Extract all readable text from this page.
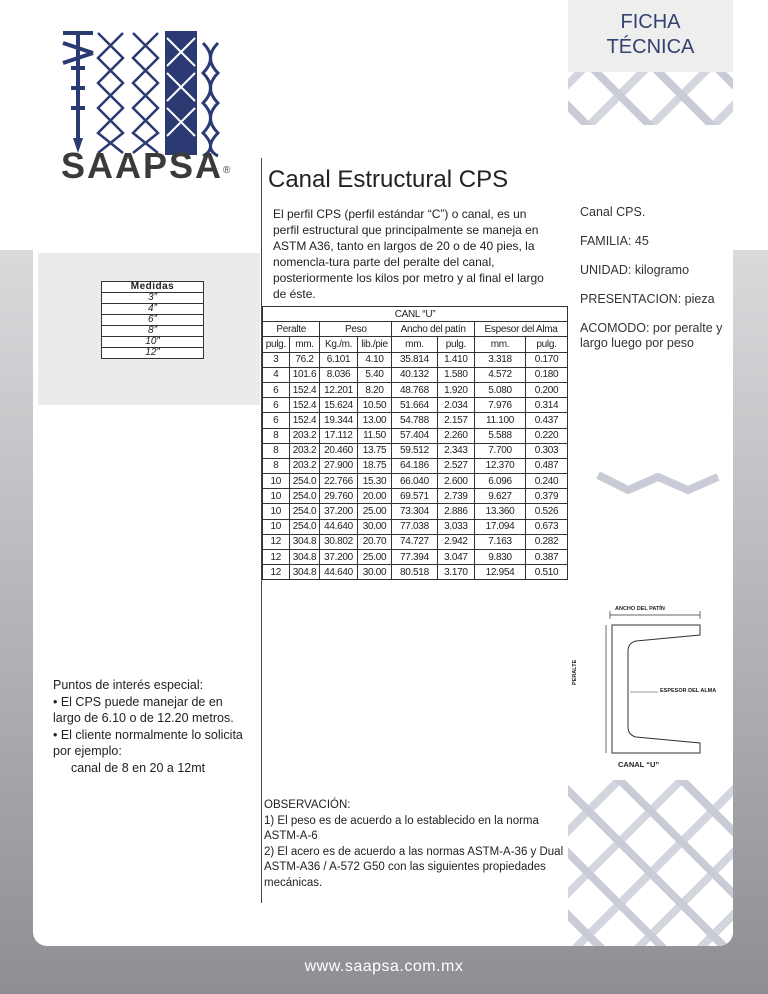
FICHA
TÉCNICA

Canal CPS.

FAMILIA: 45

UNIDAD: kilogramo

PRESENTACION: pieza

ACOMODO: por peralte y largo luego por peso

ANCHO DEL PATÍN
PERALTE
ESPESOR DEL ALMA
CANAL “U”
SAAPSA ®
Medidas
3”
4”
6”
8”
10”
12”
Canal Estructural CPS

El perfil CPS (perfil estándar “C”) o canal, es un perfil estructural que principalmente se maneja en ASTM A36, tanto en largos de 20 o de 40 pies, la nomencla-tura parte del peralte del canal, posteriormente los kilos por metro y al final el largo de éste.

CANL “U”							
Peralte		Peso		Ancho del patín		Espesor del Alma	
pulg.	mm.	Kg./m.	lib./pie	mm.	pulg.	mm.	pulg.
3	76.2	6.101	4.10	35.814	1.410	3.318	0.170
4	101.6	8.036	5.40	40.132	1.580	4.572	0.180
6	152.4	12.201	8.20	48.768	1.920	5.080	0.200
6	152.4	15.624	10.50	51.664	2.034	7.976	0.314
6	152.4	19.344	13.00	54.788	2.157	11.100	0.437
8	203.2	17.112	11.50	57.404	2.260	5.588	0.220
8	203.2	20.460	13.75	59.512	2.343	7.700	0.303
8	203.2	27.900	18.75	64.186	2.527	12.370	0.487
10	254.0	22.766	15.30	66.040	2.600	6.096	0.240
10	254.0	29.760	20.00	69.571	2.739	9.627	0.379
10	254.0	37.200	25.00	73.304	2.886	13.360	0.526
10	254.0	44.640	30.00	77.038	3.033	17.094	0.673
12	304.8	30.802	20.70	74.727	2.942	7.163	0.282
12	304.8	37.200	25.00	77.394	3.047	9.830	0.387
12	304.8	44.640	30.00	80.518	3.170	12.954	0.510
Puntos de interés especial:
• El CPS puede manejar de en largo de 6.10 o de 12.20 metros.
• El cliente normalmente lo solicita por ejemplo:
canal de 8 en 20 a 12mt
OBSERVACIÓN:
1) El peso es de acuerdo a lo establecido en la norma ASTM-A-6
2) El acero es de acuerdo a las normas ASTM-A-36 y Dual ASTM-A36 / A-572 G50 con las siguientes propiedades mecánicas.
www.saapsa.com.mx
